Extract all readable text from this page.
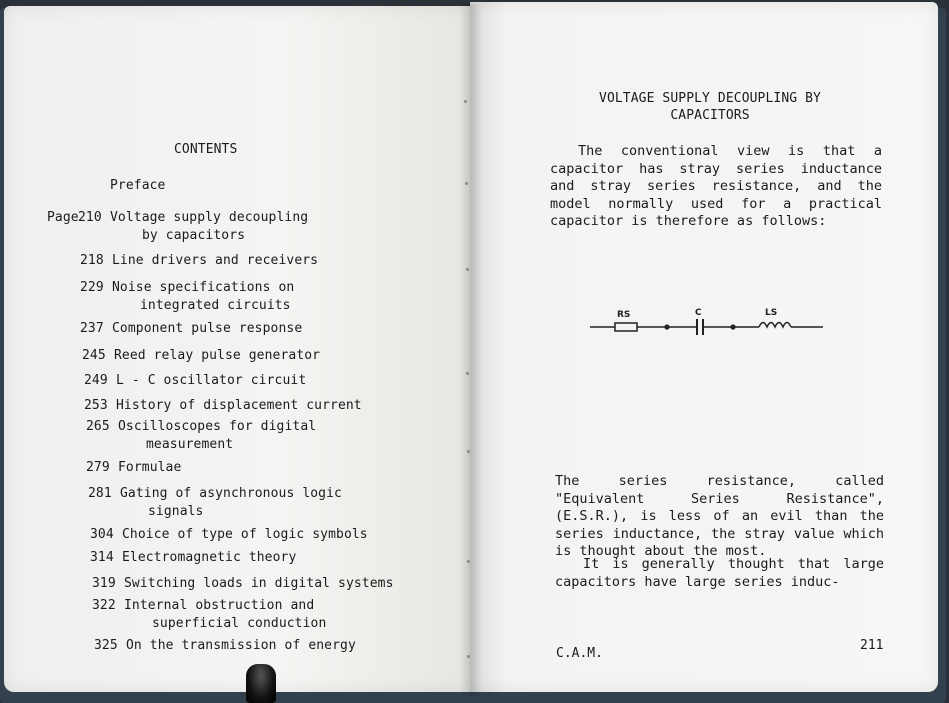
CONTENTS
Preface
Page 210 Voltage supply decoupling
by capacitors
218 Line drivers and receivers
229 Noise specifications on
integrated circuits
237 Component pulse response
245 Reed relay pulse generator
249 L - C oscillator circuit
253 History of displacement current
265 Oscilloscopes for digital
measurement
279 Formulae
281 Gating of asynchronous logic
signals
304 Choice of type of logic symbols
314 Electromagnetic theory
319 Switching loads in digital systems
322 Internal obstruction and
superficial conduction
325 On the transmission of energy
VOLTAGE SUPPLY DECOUPLING BY
CAPACITORS
The conventional view is that a capacitor has stray series inductance and stray series resistance, and the model normally used for a practical capacitor is therefore as follows:
RS	C	LS
The series resistance, called "Equivalent Series Resistance", (E.S.R.), is less of an evil than the series inductance, the stray value which is thought about the most.
It is generally thought that large capacitors have large series induc-
C.A.M.
211
